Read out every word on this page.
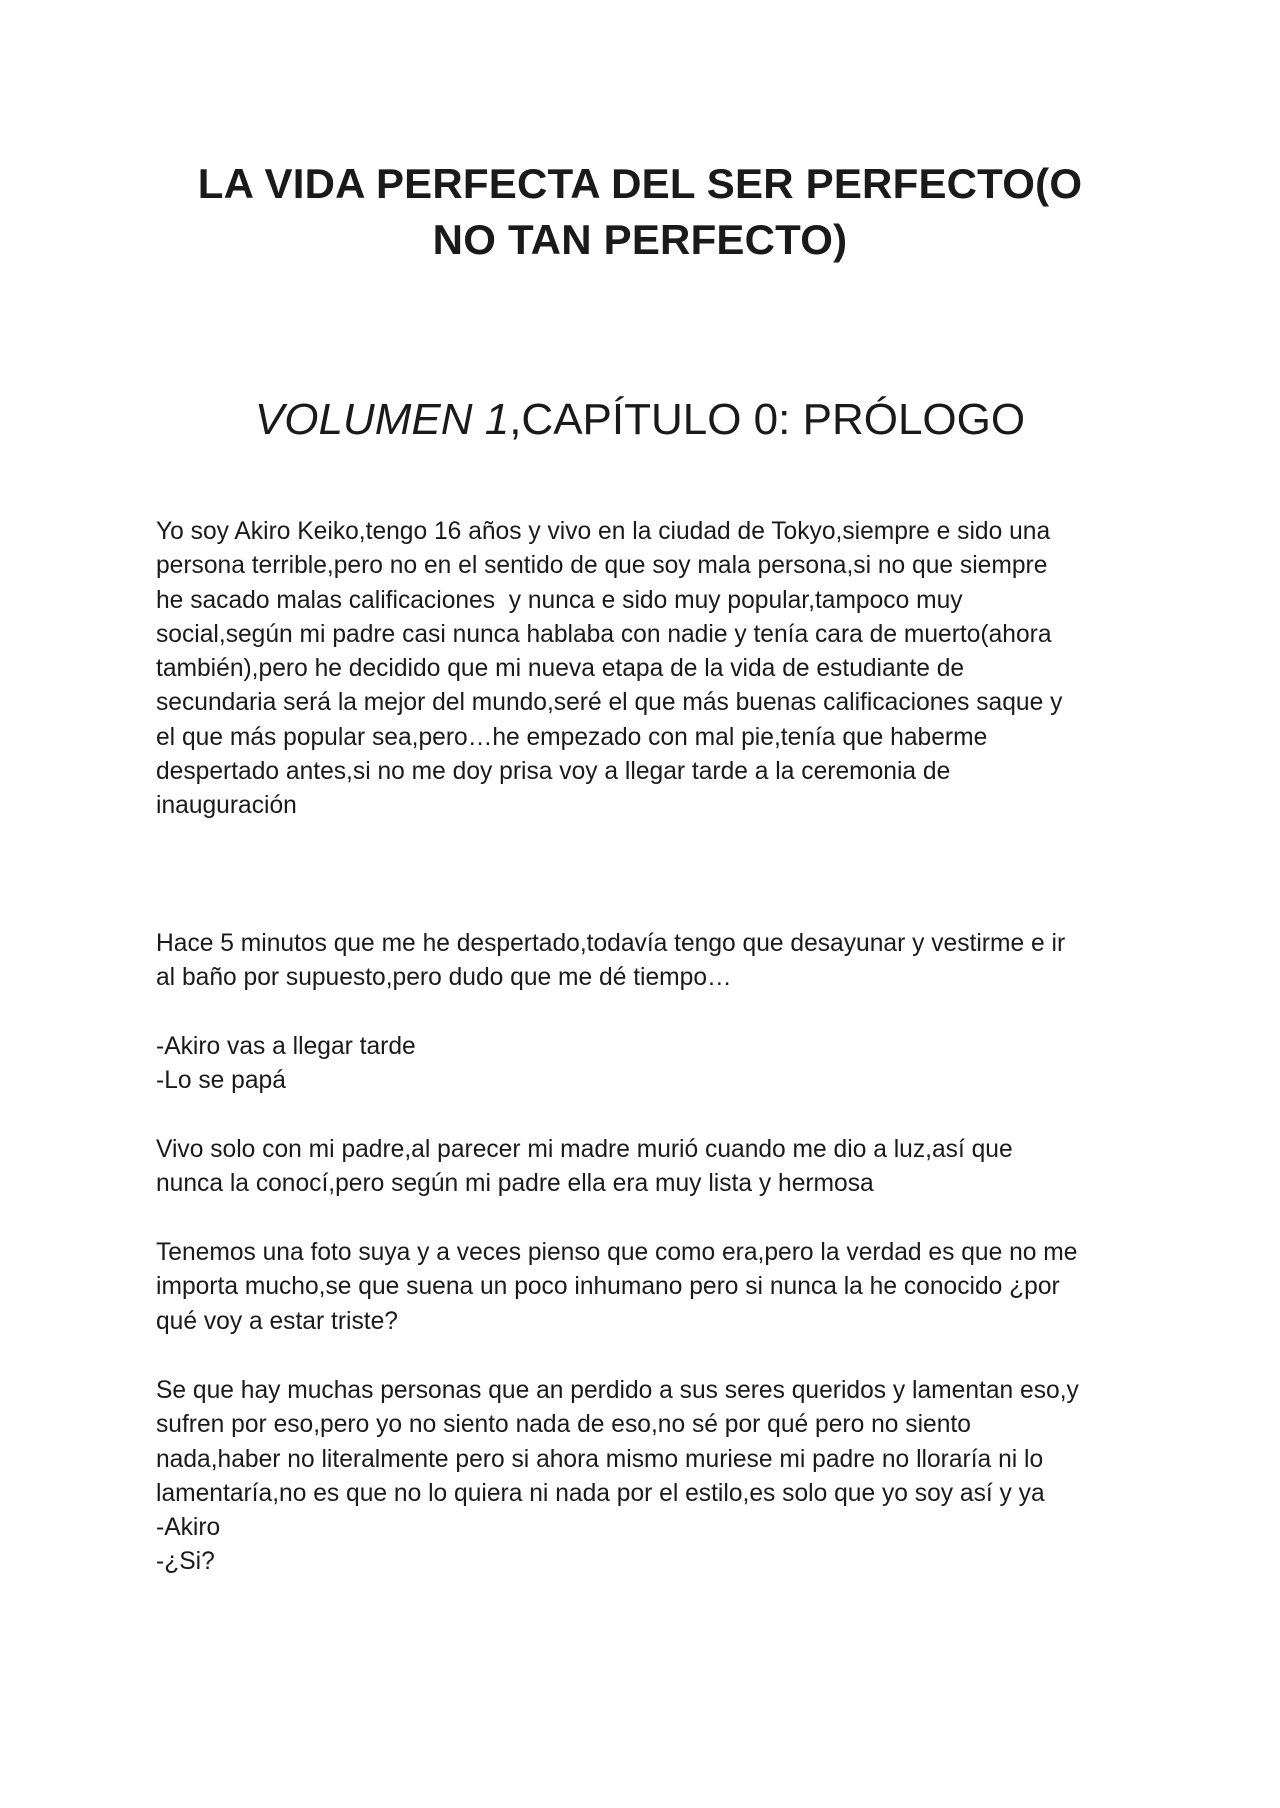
LA VIDA PERFECTA DEL SER PERFECTO(O
NO TAN PERFECTO)
VOLUMEN 1,CAPÍTULO 0: PRÓLOGO

Yo soy Akiro Keiko,tengo 16 años y vivo en la ciudad de Tokyo,siempre e sido una
persona terrible,pero no en el sentido de que soy mala persona,si no que siempre
he sacado malas calificaciones  y nunca e sido muy popular,tampoco muy
social,según mi padre casi nunca hablaba con nadie y tenía cara de muerto(ahora
también),pero he decidido que mi nueva etapa de la vida de estudiante de
secundaria será la mejor del mundo,seré el que más buenas calificaciones saque y
el que más popular sea,pero…he empezado con mal pie,tenía que haberme
despertado antes,si no me doy prisa voy a llegar tarde a la ceremonia de
inauguración

Hace 5 minutos que me he despertado,todavía tengo que desayunar y vestirme e ir
al baño por supuesto,pero dudo que me dé tiempo…

-Akiro vas a llegar tarde
-Lo se papá

Vivo solo con mi padre,al parecer mi madre murió cuando me dio a luz,así que
nunca la conocí,pero según mi padre ella era muy lista y hermosa

Tenemos una foto suya y a veces pienso que como era,pero la verdad es que no me
importa mucho,se que suena un poco inhumano pero si nunca la he conocido ¿por
qué voy a estar triste?

Se que hay muchas personas que an perdido a sus seres queridos y lamentan eso,y
sufren por eso,pero yo no siento nada de eso,no sé por qué pero no siento
nada,haber no literalmente pero si ahora mismo muriese mi padre no lloraría ni lo
lamentaría,no es que no lo quiera ni nada por el estilo,es solo que yo soy así y ya
-Akiro

-¿Si?
